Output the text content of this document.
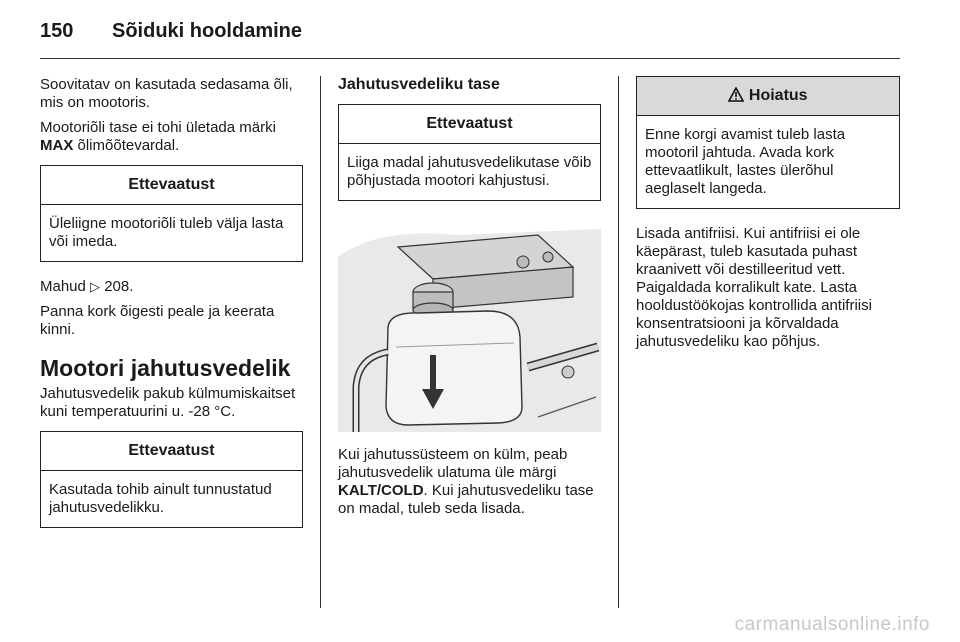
150 Sõiduki hooldamine

Soovitatav on kasutada sedasama õli, mis on mootoris.

Mootoriõli tase ei tohi ületada märki MAX õlimõõtevardal.

Ettevaatust
Üleliigne mootoriõli tuleb välja lasta või imeda.

Mahud ▷ 208.

Panna kork õigesti peale ja keerata kinni.

Mootori jahutusvedelik

Jahutusvedelik pakub külmumiskaitset kuni temperatuurini u. -28 °C.

Ettevaatust
Kasutada tohib ainult tunnustatud jahutusvedelikku.
Jahutusvedeliku tase
Ettevaatust
Liiga madal jahutusvedelikutase võib põhjustada mootori kahjustusi.

Kui jahutussüsteem on külm, peab jahutusvedelik ulatuma üle märgi KALT/COLD. Kui jahutusvedeliku tase on madal, tuleb seda lisada.

Hoiatus
Enne korgi avamist tuleb lasta mootoril jahtuda. Avada kork ettevaatlikult, lastes ülerõhul aeglaselt langeda.

Lisada antifriisi. Kui antifriisi ei ole käepärast, tuleb kasutada puhast kraanivett või destilleeritud vett. Paigaldada korralikult kate. Lasta hooldustöökojas kontrollida antifriisi konsentratsiooni ja kõrvaldada jahutusvedeliku kao põhjus.

carmanualsonline.info
